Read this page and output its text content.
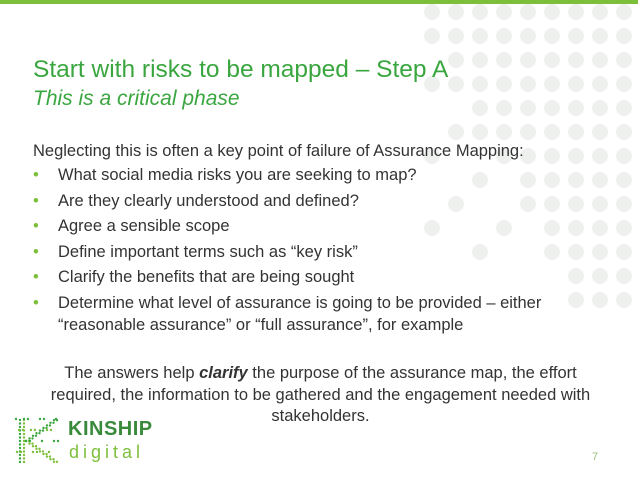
Start with risks to be mapped – Step A
This is a critical phase

Neglecting this is often a key point of failure of Assurance Mapping:

• What social media risks you are seeking to map?
• Are they clearly understood and defined?
• Agree a sensible scope
• Define important terms such as “key risk”
• Clarify the benefits that are being sought
• Determine what level of assurance is going to be provided – either “reasonable assurance” or “full assurance”, for example
The answers help clarify the purpose of the assurance map, the effort required, the information to be gathered and the engagement needed with stakeholders.
KINSHIP
digital	7
